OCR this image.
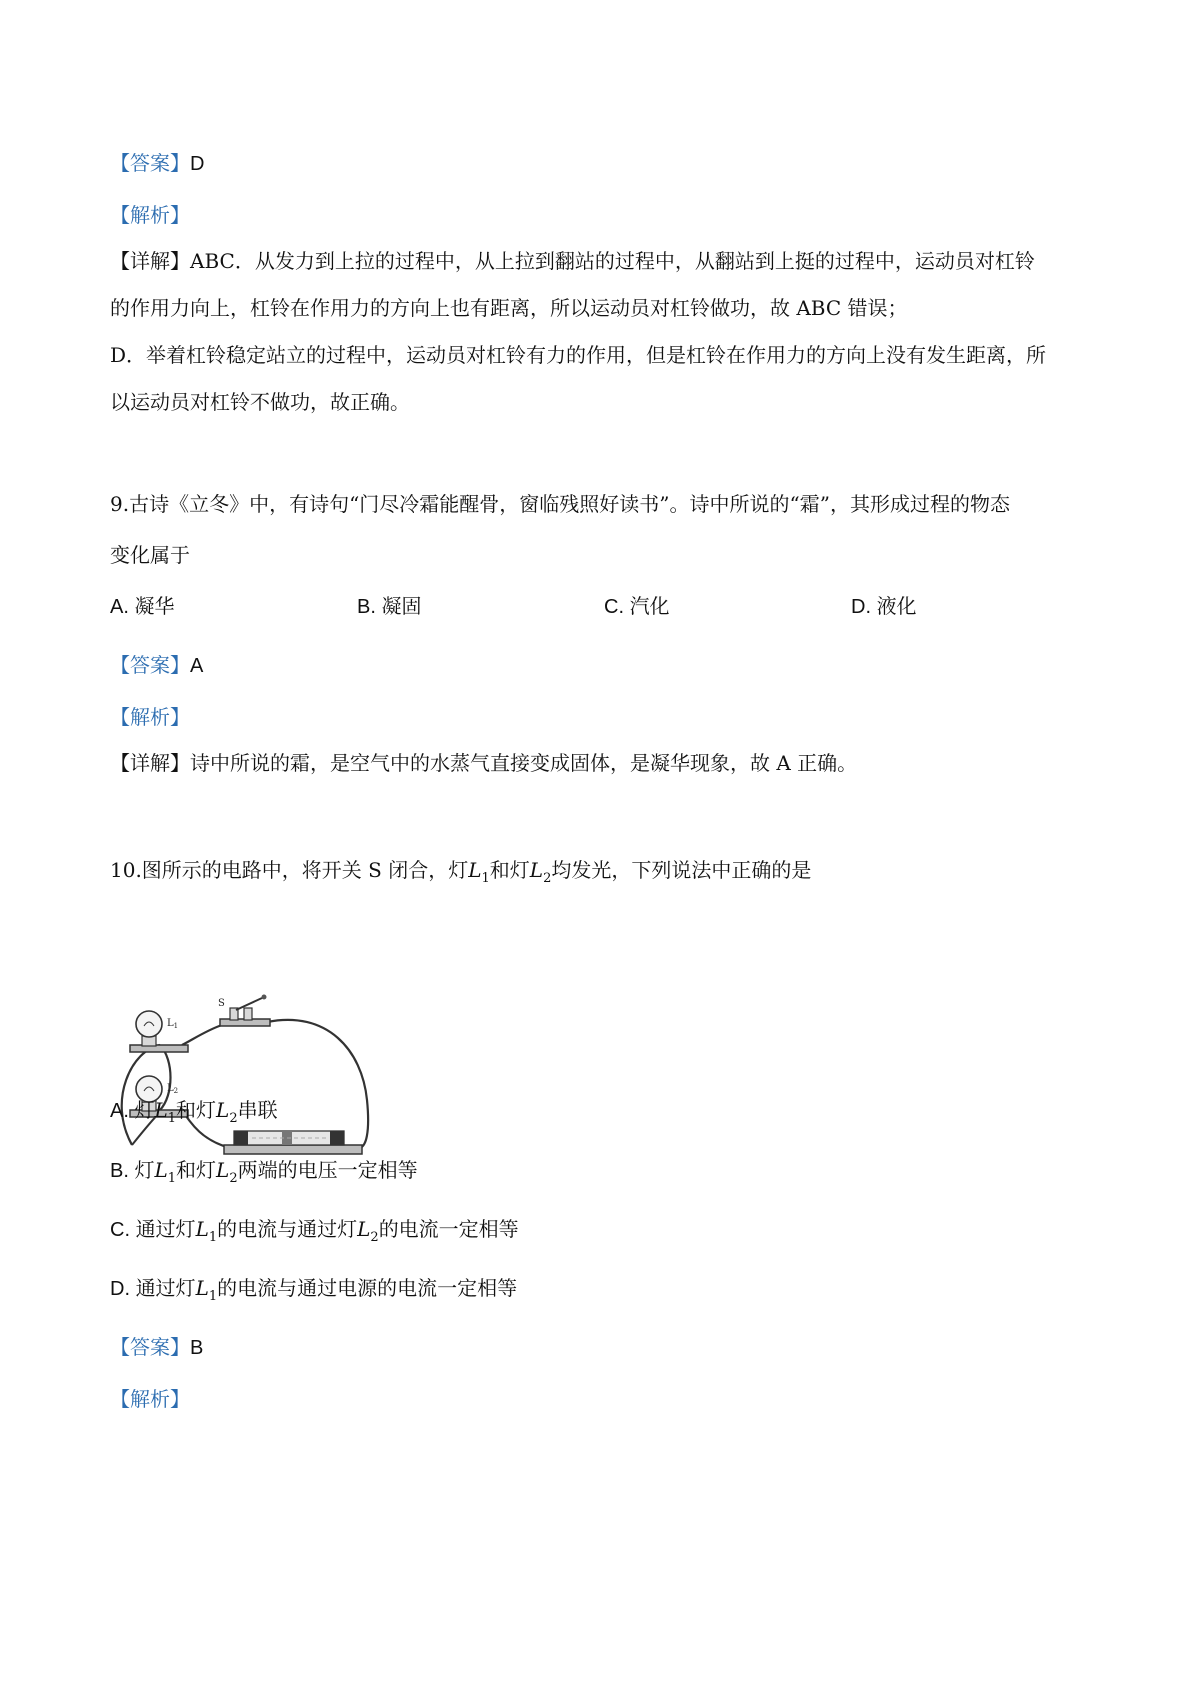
【答案】D
【解析】
【详解】ABC．从发力到上拉的过程中，从上拉到翻站的过程中，从翻站到上挺的过程中，运动员对杠铃
的作用力向上，杠铃在作用力的方向上也有距离，所以运动员对杠铃做功，故 ABC 错误；
D．举着杠铃稳定站立的过程中，运动员对杠铃有力的作用，但是杠铃在作用力的方向上没有发生距离，所
以运动员对杠铃不做功，故正确。
9.古诗《立冬》中，有诗句“门尽冷霜能醒骨，窗临残照好读书”。诗中所说的“霜”，其形成过程的物态
变化属于
A. 凝华	B. 凝固	C. 汽化	D. 液化
【答案】A
【解析】
【详解】诗中所说的霜，是空气中的水蒸气直接变成固体，是凝华现象，故 A 正确。
10.图所示的电路中，将开关 S 闭合，灯$L_1$和灯$L_2$均发光，下列说法中正确的是
$L_1$
$L_2$
S
A. 灯$L_1$和灯$L_2$串联
B. 灯$L_1$和灯$L_2$两端的电压一定相等
C. 通过灯$L_1$的电流与通过灯$L_2$的电流一定相等
D. 通过灯$L_1$的电流与通过电源的电流一定相等
【答案】B
【解析】
